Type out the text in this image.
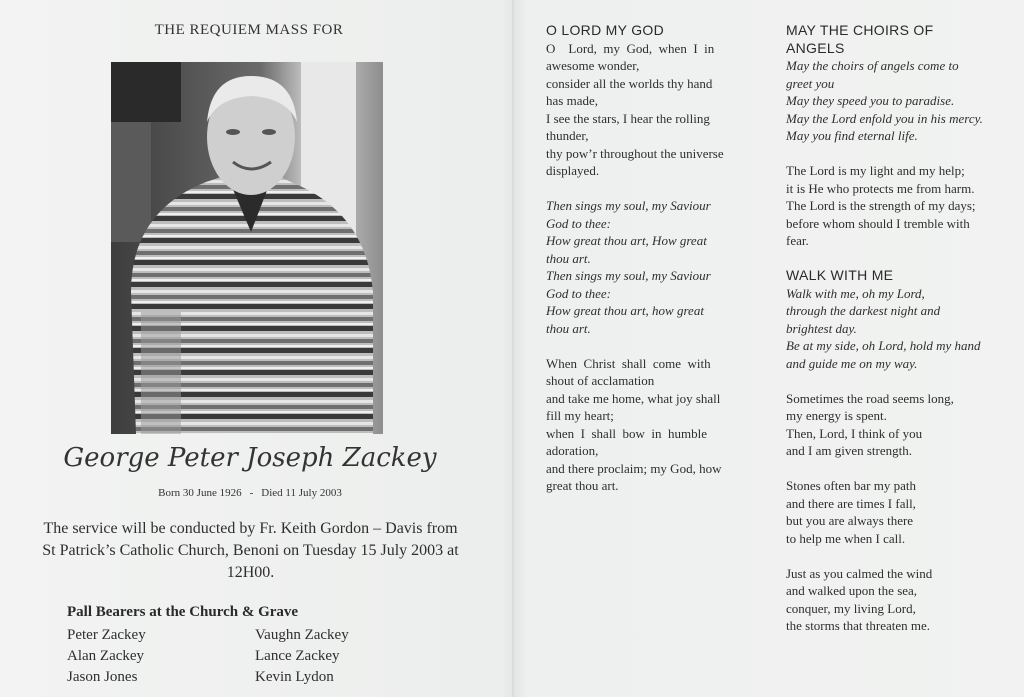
THE REQUIEM MASS FOR
George Peter Joseph Zackey
Born 30 June 1926 - Died 11 July 2003
The service will be conducted by Fr. Keith Gordon – Davis from
St Patrick’s Catholic Church, Benoni on Tuesday 15 July 2003 at
12H00.
Pall Bearers at the Church & Grave
Peter Zackey
Alan Zackey
Jason Jones
Vaughn Zackey
Lance Zackey
Kevin Lydon
O LORD MY GOD
O    Lord,  my  God,  when  I  in
awesome wonder,
consider all the worlds thy hand
has made,
I see the stars, I hear the rolling
thunder,
thy pow’r throughout the universe
displayed.
Then sings my soul, my Saviour
God to thee:
How great thou art, How great
thou art.
Then sings my soul, my Saviour
God to thee:
How great thou art, how great
thou art.
When  Christ  shall  come  with
shout of acclamation
and take me home, what joy shall
fill my heart;
when  I  shall  bow  in  humble
adoration,
and there proclaim; my God, how
great thou art.
MAY THE CHOIRS OF
ANGELS
May the choirs of angels come to
greet you
May they speed you to paradise.
May the Lord enfold you in his mercy.
May you find eternal life.
The Lord is my light and my help;
it is He who protects me from harm.
The Lord is the strength of my days;
before whom should I tremble with
fear.
WALK WITH ME
Walk with me, oh my Lord,
through the darkest night and
brightest day.
Be at my side, oh Lord, hold my hand
and guide me on my way.
Sometimes the road seems long,
my energy is spent.
Then, Lord, I think of you
and I am given strength.
Stones often bar my path
and there are times I fall,
but you are always there
to help me when I call.
Just as you calmed the wind
and walked upon the sea,
conquer, my living Lord,
the storms that threaten me.
